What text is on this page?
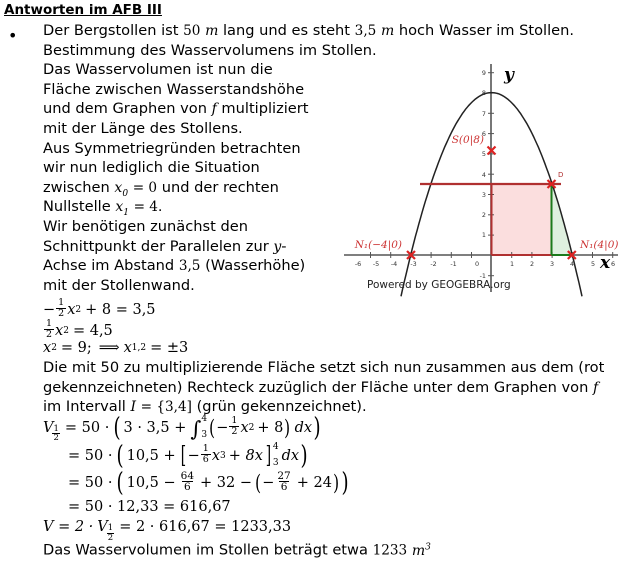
Antworten im AFB III
• Der Bergstollen ist 50 m lang und es steht 3,5 m hoch Wasser im Stollen.
Bestimmung des Wasservolumens im Stollen.
Das Wasservolumen ist nun die
Fläche zwischen Wasserstandshöhe
und dem Graphen von f multipliziert
mit der Länge des Stollens.
Aus Symmetriegründen betrachten
wir nun lediglich die Situation
zwischen $x_0 = 0$ und der rechten
Nullstelle $x_1 = 4$.
Wir benötigen zunächst den
Schnittpunkt der Parallelen zur y-
Achse im Abstand 3,5 (Wasserhöhe)
mit der Stollenwand.
− $\frac{1}{2}$ x 2 + 8 = 3,5
$\frac{1}{2}$ x 2 = 4,5
x 2 = 9; ⟹ x 1,2 = ±3
Die mit 50 zu multiplizierende Fläche setzt sich nun zusammen aus dem (rot
gekennzeichneten) Rechteck zuzüglich der Fläche unter dem Graphen von f
im Intervall I = {3,4] (grün gekennzeichnet).
V $\frac{1}{2} = 50$ · ( 3 · 3,5 + ∫ 4
3 ( − $\frac{1}{2}$ x 2 + 8 ) dx )
= 50 · ( 10,5 + [ − $\frac{1}{6}$ x 3 + 8x ] 4
3 dx )
= 50 · ( $10,5 - \frac{64}{6} + 32$ − ( − $\frac{27}{6} + 24$ ) )
= 50 · 12,33 = 616,67
V = 2 · V $\frac{1}{2} = 2 \cdot 616,67 = 1233,33$
Das Wasservolumen im Stollen beträgt etwa 1233 $m^3$
-6 -5 -4 -3 -2 -1	0	1 2 3 4	5 6
9
8
7
6
5
4
3
2
1
-1
y
x
S(0|8)
N₁(−4|0)	N₁(4|0)
D
Powered by GEOGEBRA.org
